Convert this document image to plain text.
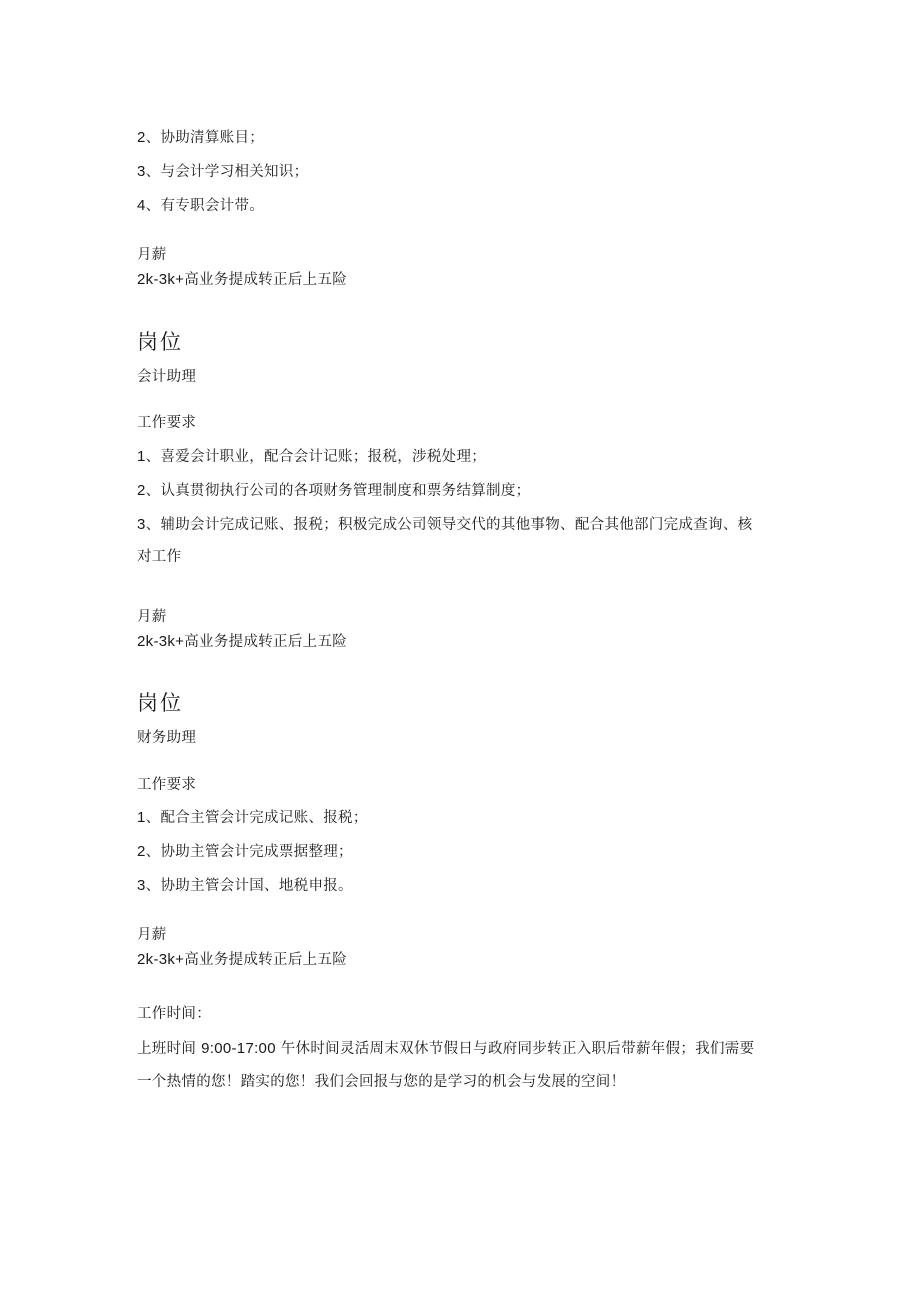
2、协助清算账目；
3、与会计学习相关知识；
4、有专职会计带。
月薪
2k-3k+高业务提成转正后上五险
岗位
会计助理
工作要求
1、喜爱会计职业，配合会计记账；报税，涉税处理；
2、认真贯彻执行公司的各项财务管理制度和票务结算制度；
3、辅助会计完成记账、报税；积极完成公司领导交代的其他事物、配合其他部门完成查询、核
对工作
月薪
2k-3k+高业务提成转正后上五险
岗位
财务助理
工作要求
1、配合主管会计完成记账、报税；
2、协助主管会计完成票据整理；
3、协助主管会计国、地税申报。
月薪
2k-3k+高业务提成转正后上五险
工作时间：
上班时间 9:00-17:00 午休时间灵活周末双休节假日与政府同步转正入职后带薪年假；我们需要
一个热情的您！踏实的您！我们会回报与您的是学习的机会与发展的空间！
